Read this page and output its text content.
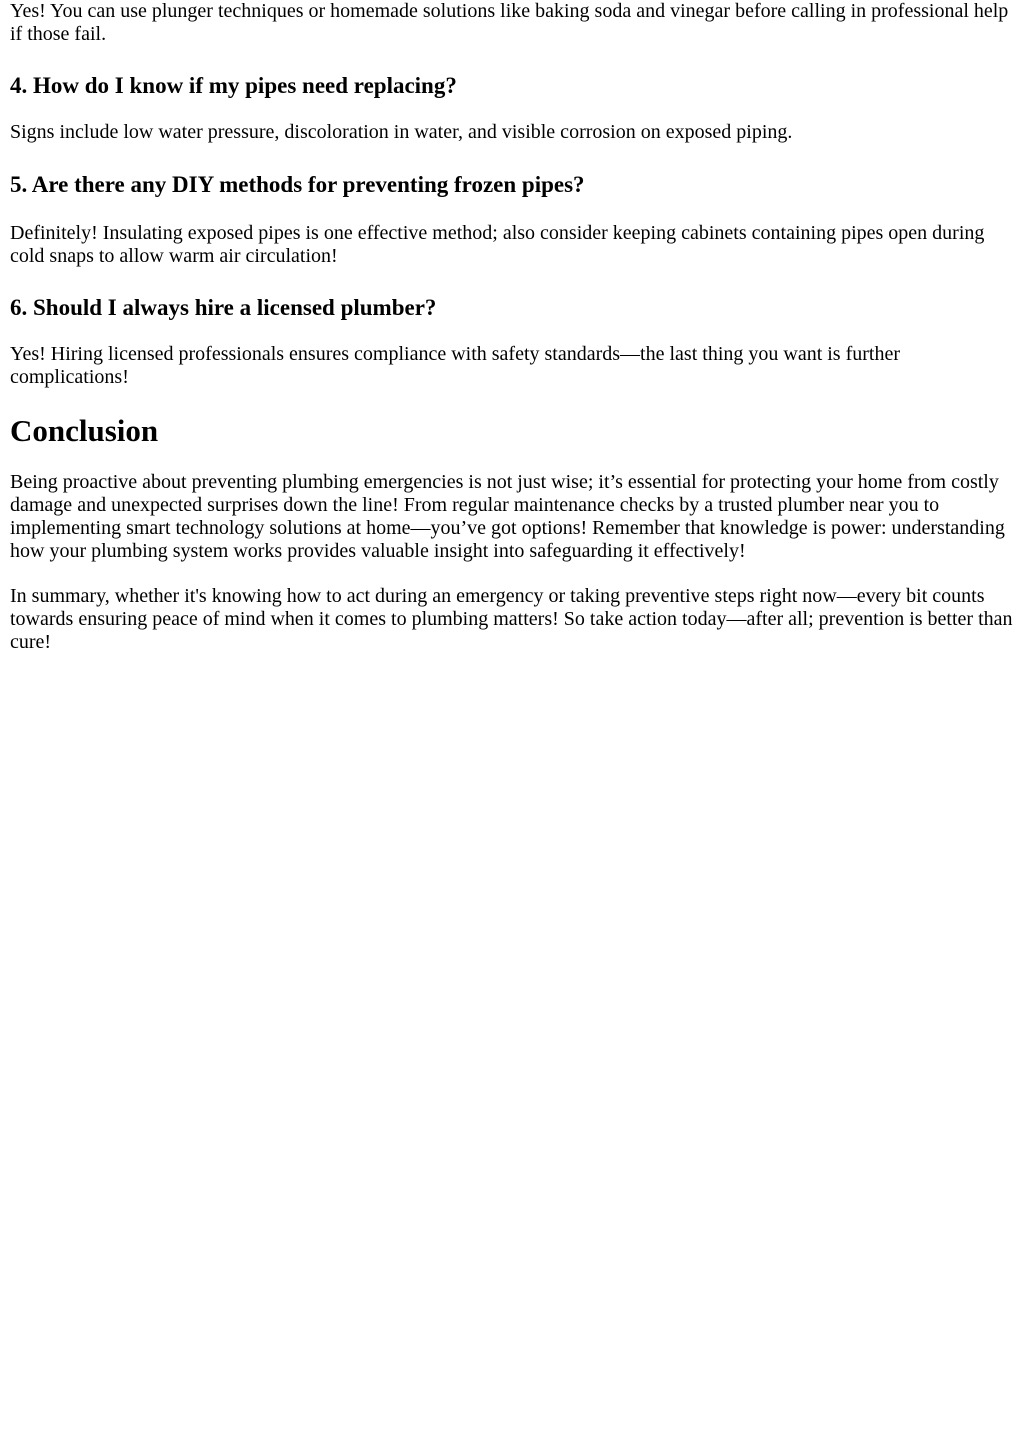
Yes! You can use plunger techniques or homemade solutions like baking soda and vinegar before calling in professional help if those fail.

4. How do I know if my pipes need replacing?

Signs include low water pressure, discoloration in water, and visible corrosion on exposed piping.

5. Are there any DIY methods for preventing frozen pipes?

Definitely! Insulating exposed pipes is one effective method; also consider keeping cabinets containing pipes open during cold snaps to allow warm air circulation!

6. Should I always hire a licensed plumber?

Yes! Hiring licensed professionals ensures compliance with safety standards—the last thing you want is further complications!

Conclusion

Being proactive about preventing plumbing emergencies is not just wise; it’s essential for protecting your home from costly damage and unexpected surprises down the line! From regular maintenance checks by a trusted plumber near you to implementing smart technology solutions at home—you’ve got options! Remember that knowledge is power: understanding how your plumbing system works provides valuable insight into safeguarding it effectively!

In summary, whether it's knowing how to act during an emergency or taking preventive steps right now—every bit counts towards ensuring peace of mind when it comes to plumbing matters! So take action today—after all; prevention is better than cure!
